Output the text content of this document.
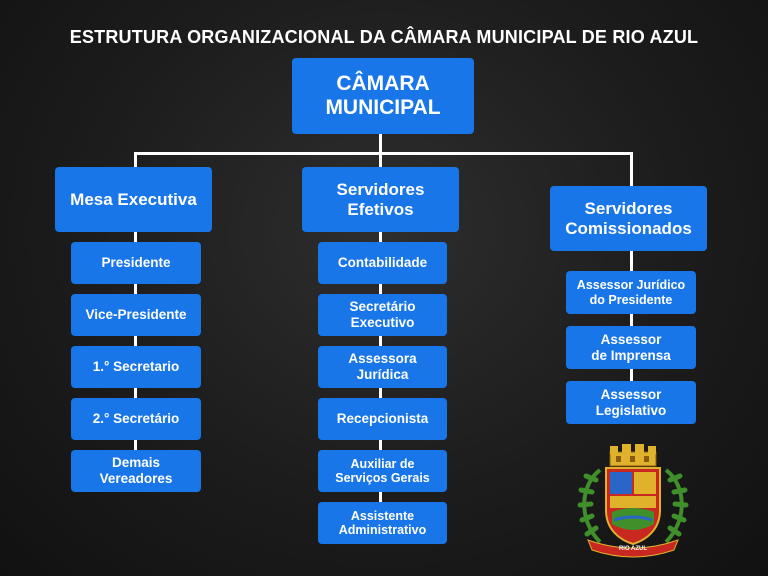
ESTRUTURA ORGANIZACIONAL DA CÂMARA MUNICIPAL DE RIO AZUL
CÂMARA
MUNICIPAL
Mesa Executiva
Servidores
Efetivos	Servidores
Comissionados
Presidente
Vice-Presidente
1.° Secretario
2.° Secretário
Demais
Vereadores
Contabilidade
Secretário
Executivo
Assessora
Jurídica
Recepcionista
Auxiliar de
Serviços Gerais
Assistente
Administrativo
Assessor Jurídico
do Presidente
Assessor
de Imprensa
Assessor
Legislativo
RIO AZUL
